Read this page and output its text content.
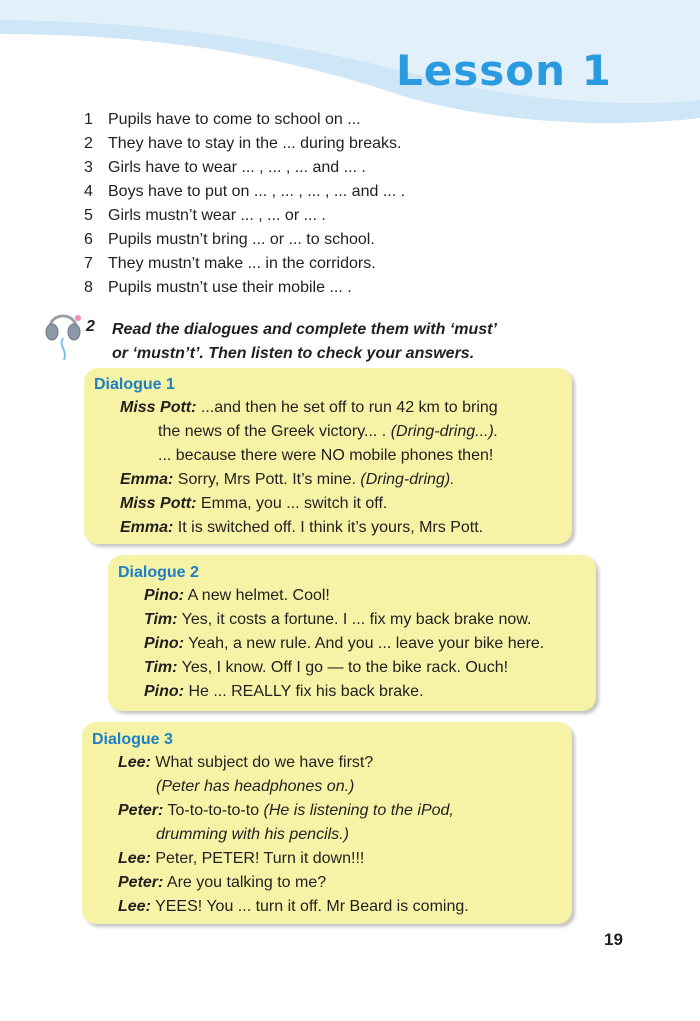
Lesson 1
1 Pupils have to come to school on ...
2 They have to stay in the ... during breaks.
3 Girls have to wear ... , ... , ... and ... .
4 Boys have to put on ... , ... , ... , ... and ... .
5 Girls mustn’t wear ... , ... or ... .
6 Pupils mustn’t bring ... or ... to school.
7 They mustn’t make ... in the corridors.
8 Pupils mustn’t use their mobile ... .
2 Read the dialogues and complete them with ‘must’
or ‘mustn’t’. Then listen to check your answers.

Dialogue 1
Miss Pott: ...and then he set off to run 42 km to bring
the news of the Greek victory... . (Dring-dring...).
... because there were NO mobile phones then!
Emma: Sorry, Mrs Pott. It’s mine. (Dring-dring).
Miss Pott: Emma, you ... switch it off.
Emma: It is switched off. I think it’s yours, Mrs Pott.
Dialogue 2
Pino: A new helmet. Cool!
Tim: Yes, it costs a fortune. I ... fix my back brake now.
Pino: Yeah, a new rule. And you ... leave your bike here.
Tim: Yes, I know. Off I go — to the bike rack. Ouch!
Pino: He ... REALLY fix his back brake.
Dialogue 3
Lee: What subject do we have first?
(Peter has headphones on.)
Peter: To-to-to-to-to (He is listening to the iPod,
drumming with his pencils.)
Lee: Peter, PETER! Turn it down!!!
Peter: Are you talking to me?
Lee: YEES! You ... turn it off. Mr Beard is coming.
19
